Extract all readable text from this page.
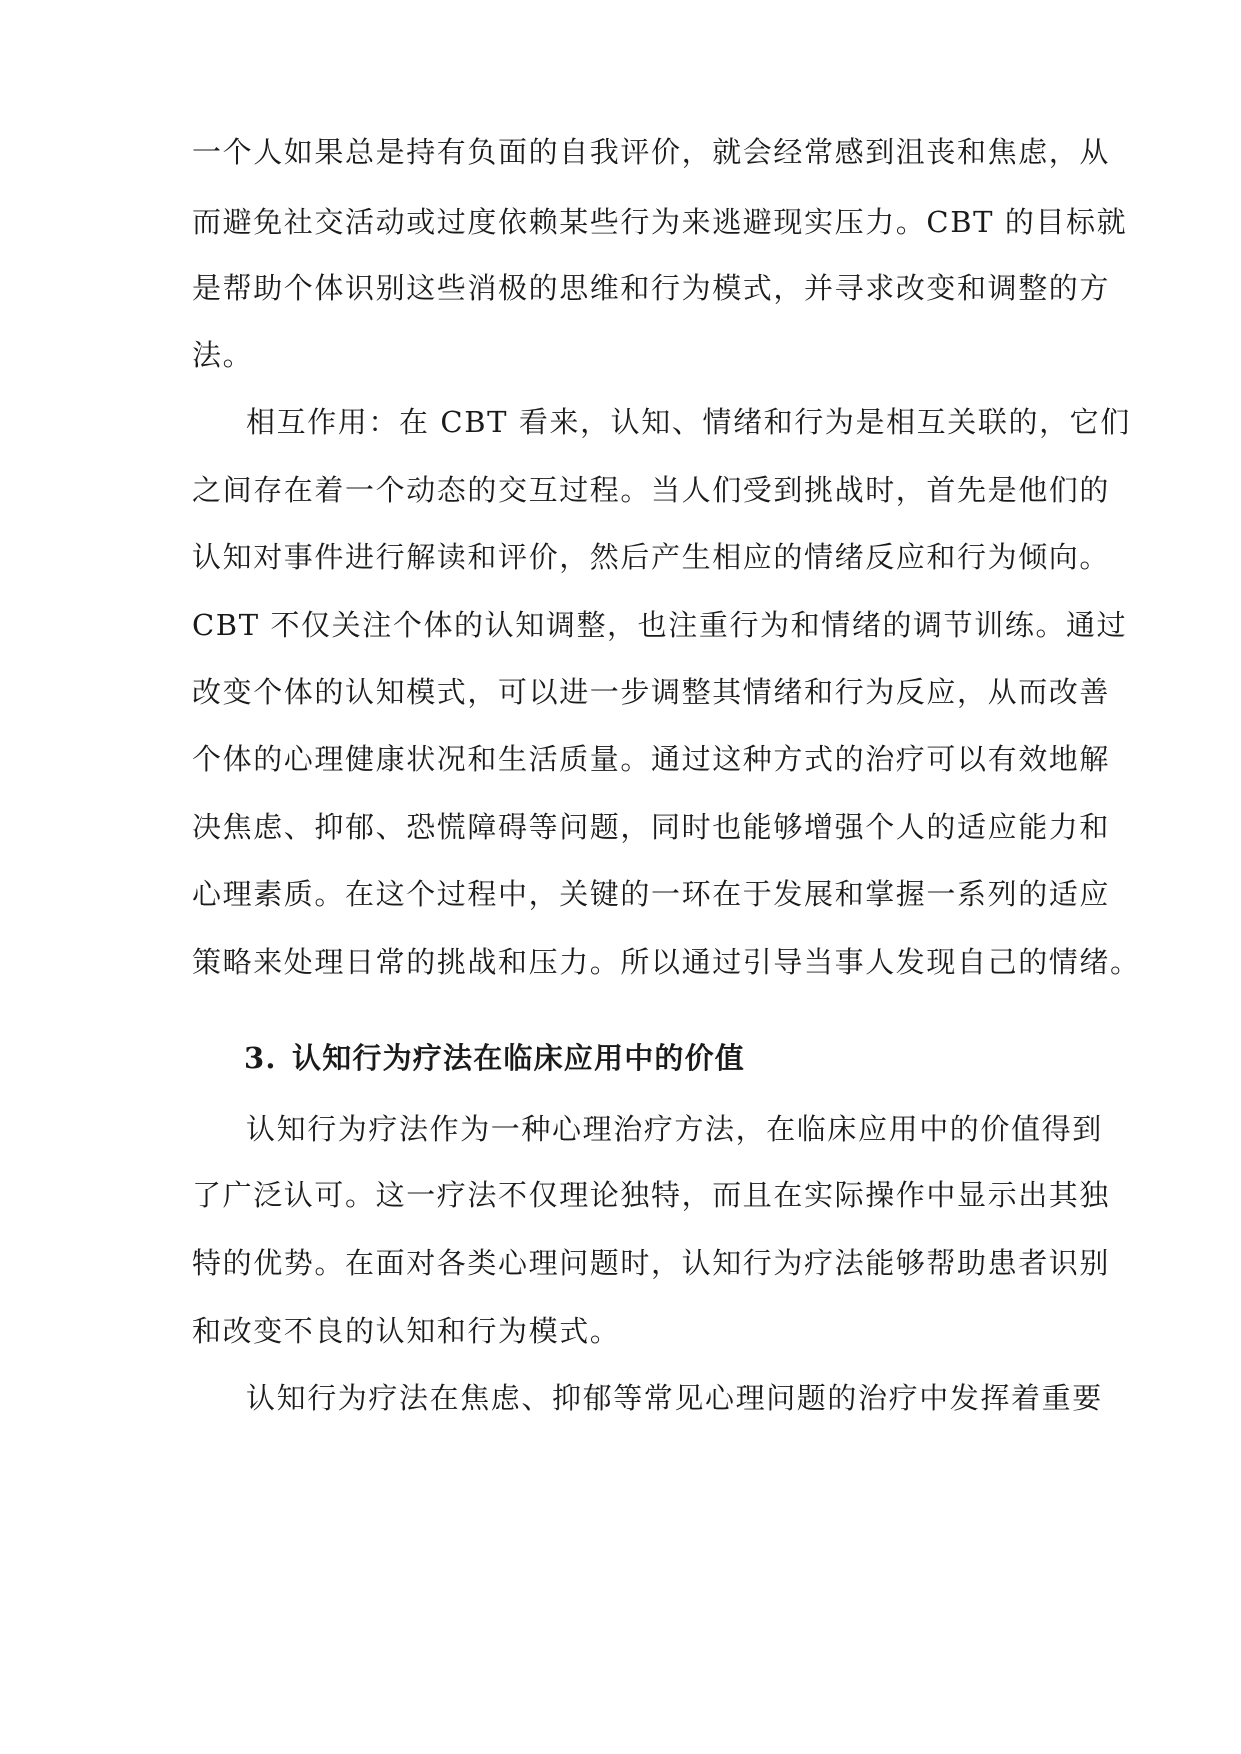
一个人如果总是持有负面的自我评价，就会经常感到沮丧和焦虑，从
而避免社交活动或过度依赖某些行为来逃避现实压力。CBT 的目标就
是帮助个体识别这些消极的思维和行为模式，并寻求改变和调整的方
法。
相互作用：在 CBT 看来，认知、情绪和行为是相互关联的，它们
之间存在着一个动态的交互过程。当人们受到挑战时，首先是他们的
认知对事件进行解读和评价，然后产生相应的情绪反应和行为倾向。
CBT 不仅关注个体的认知调整，也注重行为和情绪的调节训练。通过
改变个体的认知模式，可以进一步调整其情绪和行为反应，从而改善
个体的心理健康状况和生活质量。通过这种方式的治疗可以有效地解
决焦虑、抑郁、恐慌障碍等问题，同时也能够增强个人的适应能力和
心理素质。在这个过程中，关键的一环在于发展和掌握一系列的适应
策略来处理日常的挑战和压力。所以通过引导当事人发现自己的情绪。
3. 认知行为疗法在临床应用中的价值
认知行为疗法作为一种心理治疗方法，在临床应用中的价值得到
了广泛认可。这一疗法不仅理论独特，而且在实际操作中显示出其独
特的优势。在面对各类心理问题时，认知行为疗法能够帮助患者识别
和改变不良的认知和行为模式。
认知行为疗法在焦虑、抑郁等常见心理问题的治疗中发挥着重要
